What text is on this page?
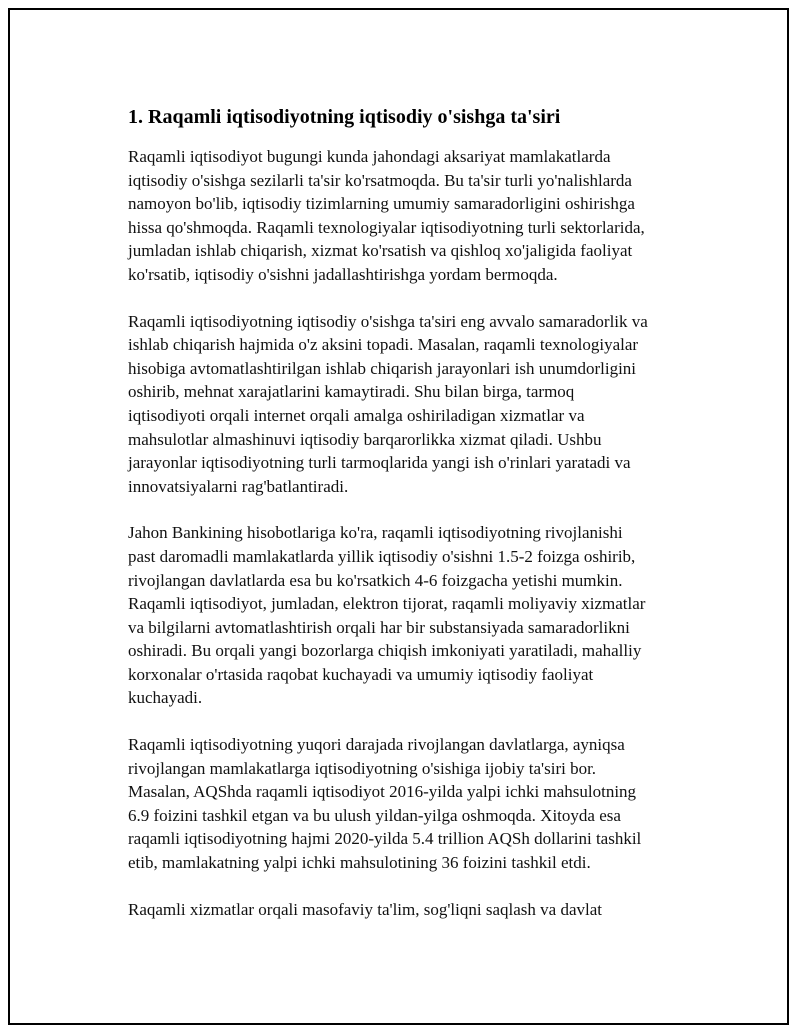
1. Raqamli iqtisodiyotning iqtisodiy o'sishga ta'siri

Raqamli iqtisodiyot bugungi kunda jahondagi aksariyat mamlakatlarda
iqtisodiy o'sishga sezilarli ta'sir ko'rsatmoqda. Bu ta'sir turli yo'nalishlarda
namoyon bo'lib, iqtisodiy tizimlarning umumiy samaradorligini oshirishga
hissa qo'shmoqda. Raqamli texnologiyalar iqtisodiyotning turli sektorlarida,
jumladan ishlab chiqarish, xizmat ko'rsatish va qishloq xo'jaligida faoliyat
ko'rsatib, iqtisodiy o'sishni jadallashtirishga yordam bermoqda.

Raqamli iqtisodiyotning iqtisodiy o'sishga ta'siri eng avvalo samaradorlik va
ishlab chiqarish hajmida o'z aksini topadi. Masalan, raqamli texnologiyalar
hisobiga avtomatlashtirilgan ishlab chiqarish jarayonlari ish unumdorligini
oshirib, mehnat xarajatlarini kamaytiradi. Shu bilan birga, tarmoq
iqtisodiyoti orqali internet orqali amalga oshiriladigan xizmatlar va
mahsulotlar almashinuvi iqtisodiy barqarorlikka xizmat qiladi. Ushbu
jarayonlar iqtisodiyotning turli tarmoqlarida yangi ish o'rinlari yaratadi va
innovatsiyalarni rag'batlantiradi.

Jahon Bankining hisobotlariga ko'ra, raqamli iqtisodiyotning rivojlanishi
past daromadli mamlakatlarda yillik iqtisodiy o'sishni 1.5-2 foizga oshirib,
rivojlangan davlatlarda esa bu ko'rsatkich 4-6 foizgacha yetishi mumkin.
Raqamli iqtisodiyot, jumladan, elektron tijorat, raqamli moliyaviy xizmatlar
va bilgilarni avtomatlashtirish orqali har bir substansiyada samaradorlikni
oshiradi. Bu orqali yangi bozorlarga chiqish imkoniyati yaratiladi, mahalliy
korxonalar o'rtasida raqobat kuchayadi va umumiy iqtisodiy faoliyat
kuchayadi.

Raqamli iqtisodiyotning yuqori darajada rivojlangan davlatlarga, ayniqsa
rivojlangan mamlakatlarga iqtisodiyotning o'sishiga ijobiy ta'siri bor.
Masalan, AQShda raqamli iqtisodiyot 2016-yilda yalpi ichki mahsulotning
6.9 foizini tashkil etgan va bu ulush yildan-yilga oshmoqda. Xitoyda esa
raqamli iqtisodiyotning hajmi 2020-yilda 5.4 trillion AQSh dollarini tashkil
etib, mamlakatning yalpi ichki mahsulotining 36 foizini tashkil etdi.

Raqamli xizmatlar orqali masofaviy ta'lim, sog'liqni saqlash va davlat
